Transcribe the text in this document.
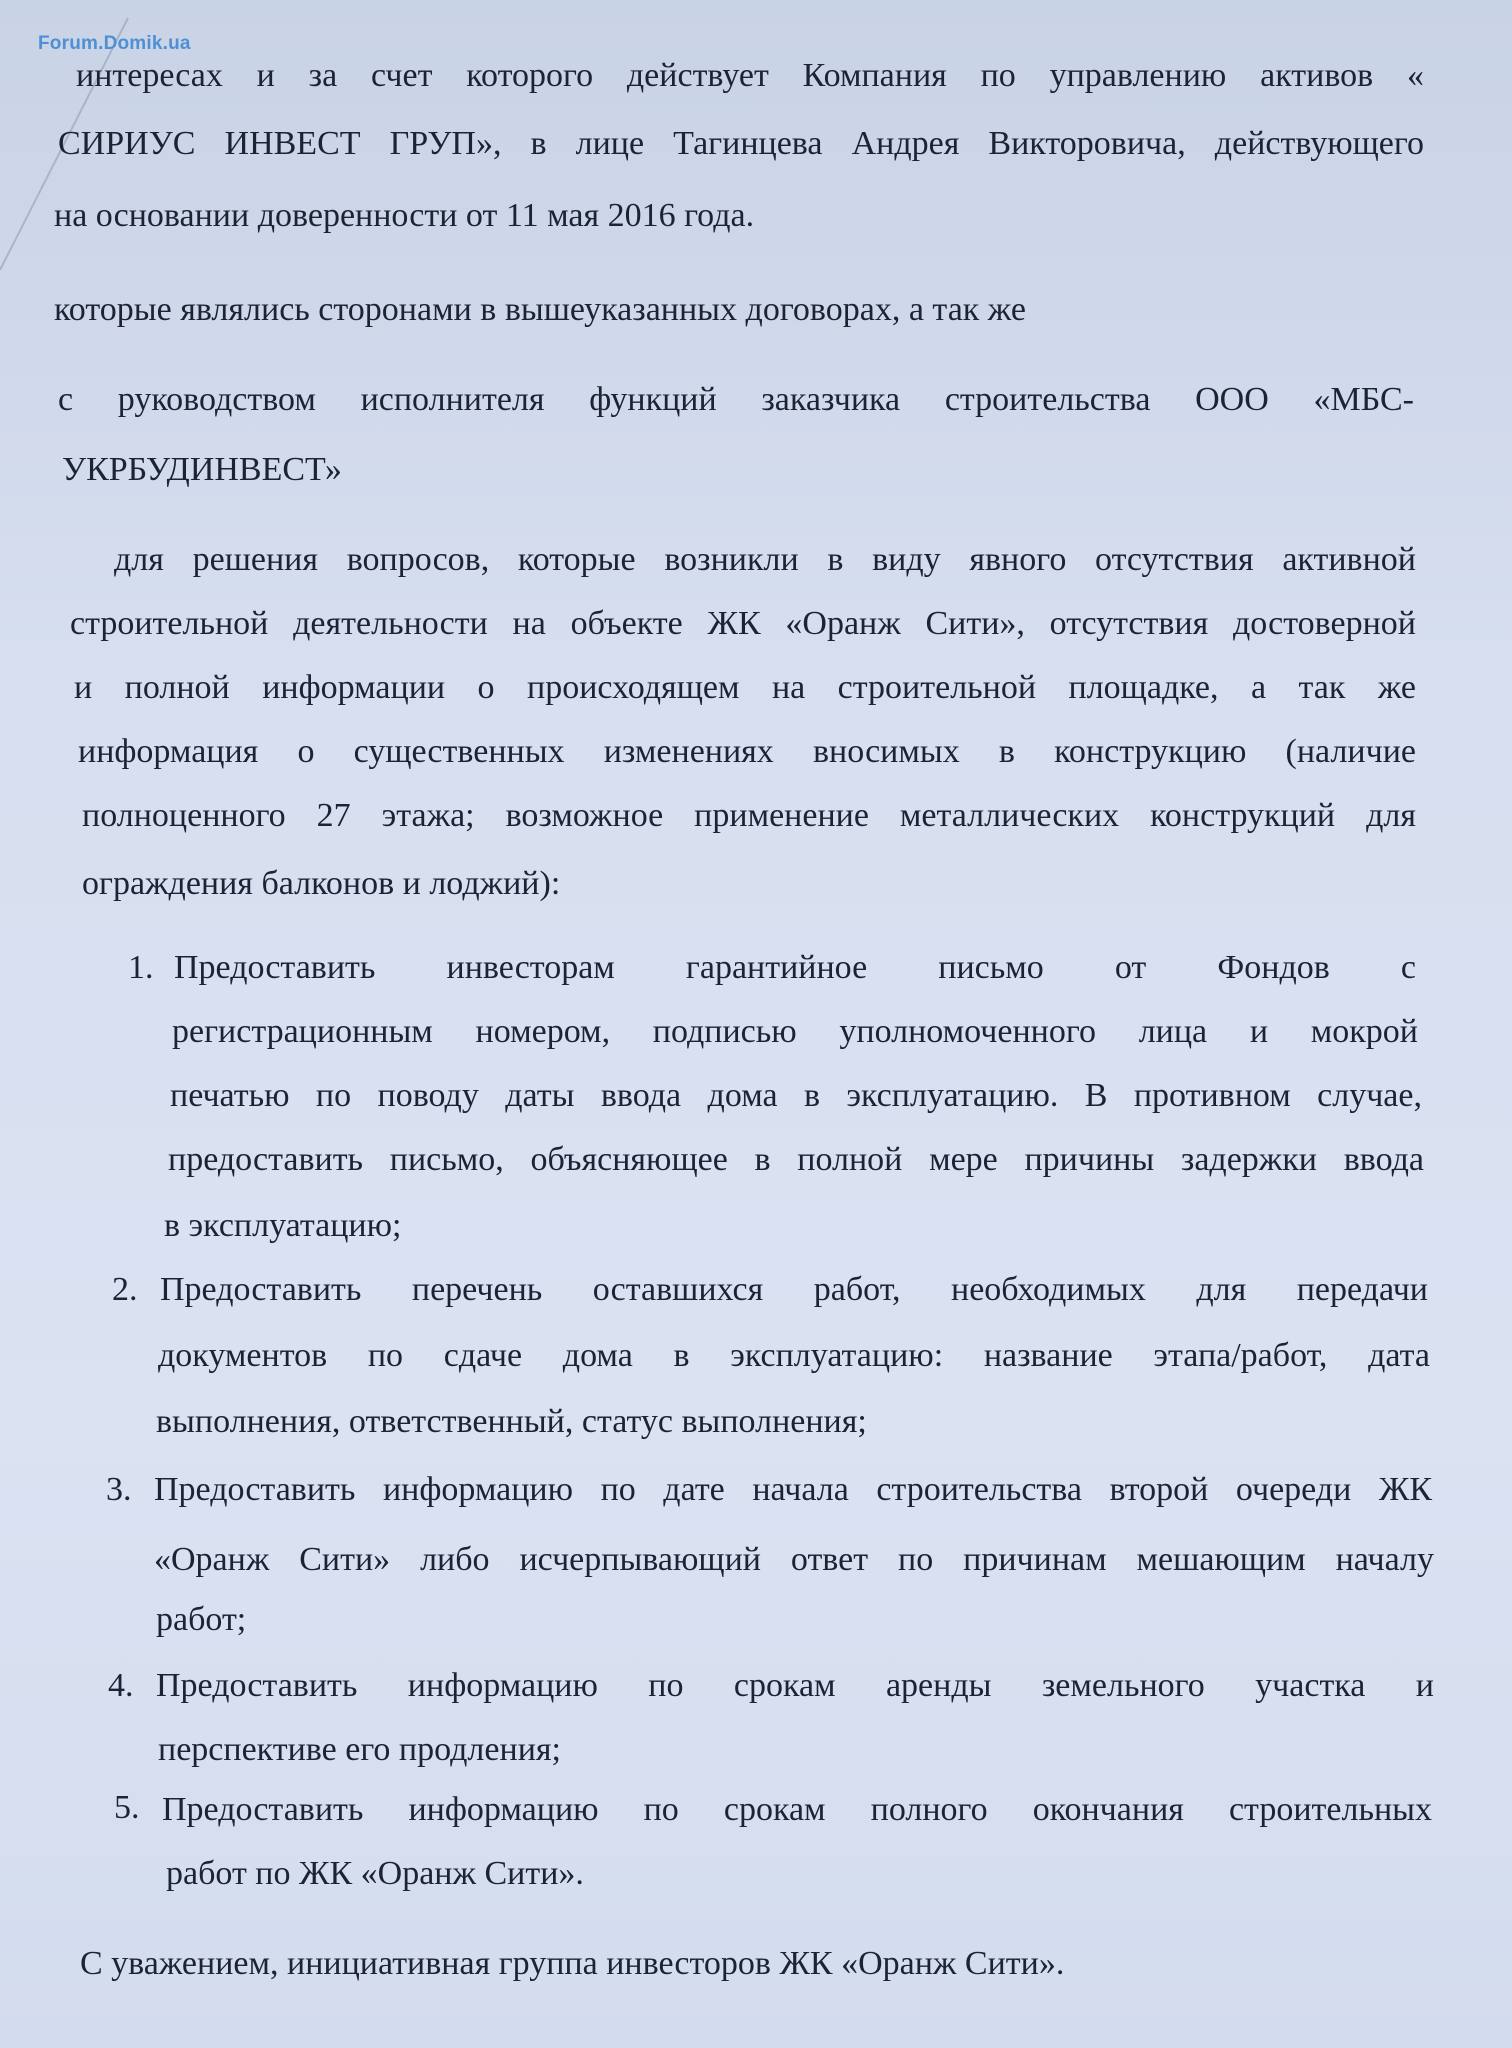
Forum.Domik.ua
интересах и за счет которого действует Компания по управлению активов «
СИРИУС ИНВЕСТ ГРУП», в лице Тагинцева Андрея Викторовича, действующего
на основании доверенности от 11 мая 2016 года.
которые являлись сторонами в вышеуказанных договорах, а так же
с руководством исполнителя функций заказчика строительства ООО «МБС-
УКРБУДИНВЕСТ»
для решения вопросов, которые возникли в виду явного отсутствия активной
строительной деятельности на объекте ЖК «Оранж Сити», отсутствия достоверной
и полной информации о происходящем на строительной площадке, а так же
информация о существенных изменениях вносимых в конструкцию (наличие
полноценного 27 этажа; возможное применение металлических конструкций для
ограждения балконов и лоджий):
1. Предоставить инвесторам гарантийное письмо от Фондов с
регистрационным номером, подписью уполномоченного лица и мокрой
печатью по поводу даты ввода дома в эксплуатацию. В противном случае,
предоставить письмо, объясняющее в полной мере причины задержки ввода
в эксплуатацию;
2. Предоставить перечень оставшихся работ, необходимых для передачи
документов по сдаче дома в эксплуатацию: название этапа/работ, дата
выполнения, ответственный, статус выполнения;
3. Предоставить информацию по дате начала строительства второй очереди ЖК
«Оранж Сити» либо исчерпывающий ответ по причинам мешающим началу
работ;
4. Предоставить информацию по срокам аренды земельного участка и
перспективе его продления;
5. Предоставить информацию по срокам полного окончания строительных
работ по ЖК «Оранж Сити».
С уважением, инициативная группа инвесторов ЖК «Оранж Сити».
